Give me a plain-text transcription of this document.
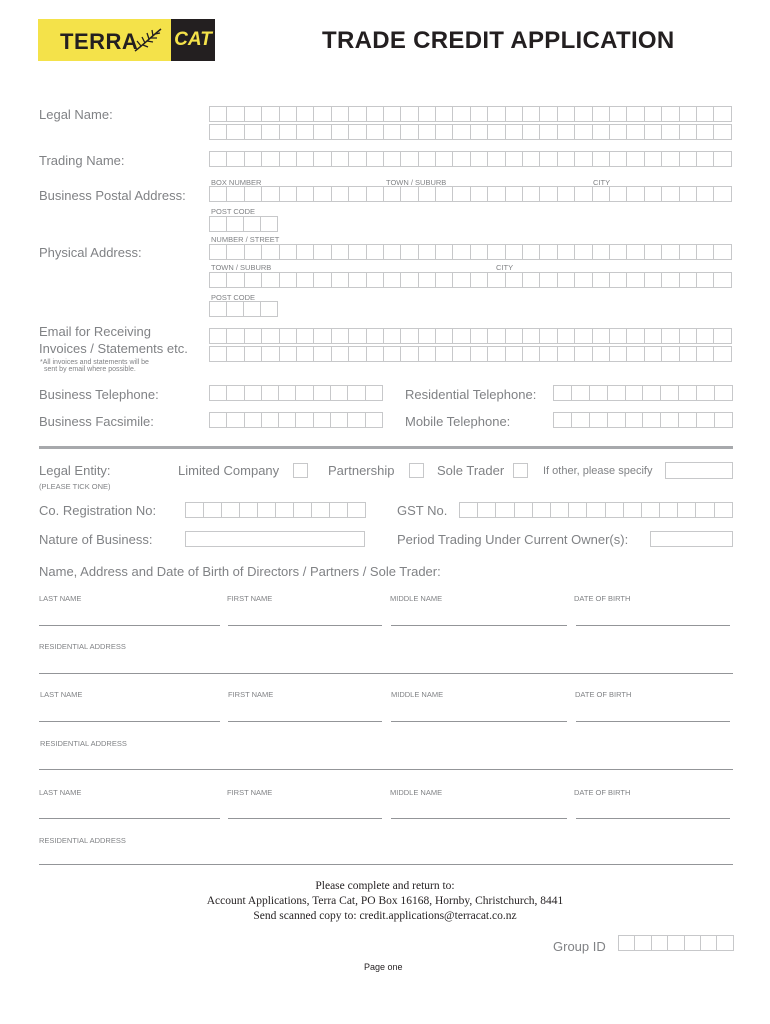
TERRA CAT	TRADE CREDIT APPLICATION
Legal Name:
Trading Name:
BOX NUMBER	TOWN / SUBURB	CITY
Business Postal Address:
POST CODE
NUMBER / STREET
Physical Address:
TOWN / SUBURB	CITY
POST CODE
Email for Receiving
Invoices / Statements etc.
*All invoices and statements will be
sent by email where possible.
Business Telephone:	Residential Telephone:
Business Facsimile:	Mobile Telephone:
Legal Entity:
(PLEASE TICK ONE)
Limited Company	Partnership	Sole Trader	If other, please specify
Co. Registration No:	GST No.
Nature of Business:	Period Trading Under Current Owner(s):
Name, Address and Date of Birth of Directors / Partners / Sole Trader:
LAST NAME	FIRST NAME	MIDDLE NAME	DATE OF BIRTH
RESIDENTIAL ADDRESS
LAST NAME	FIRST NAME	MIDDLE NAME	DATE OF BIRTH
RESIDENTIAL ADDRESS
LAST NAME	FIRST NAME	MIDDLE NAME	DATE OF BIRTH
RESIDENTIAL ADDRESS
Please complete and return to:
Account Applications, Terra Cat, PO Box 16168, Hornby, Christchurch, 8441
Send scanned copy to: credit.applications@terracat.co.nz
Group ID
Page one
